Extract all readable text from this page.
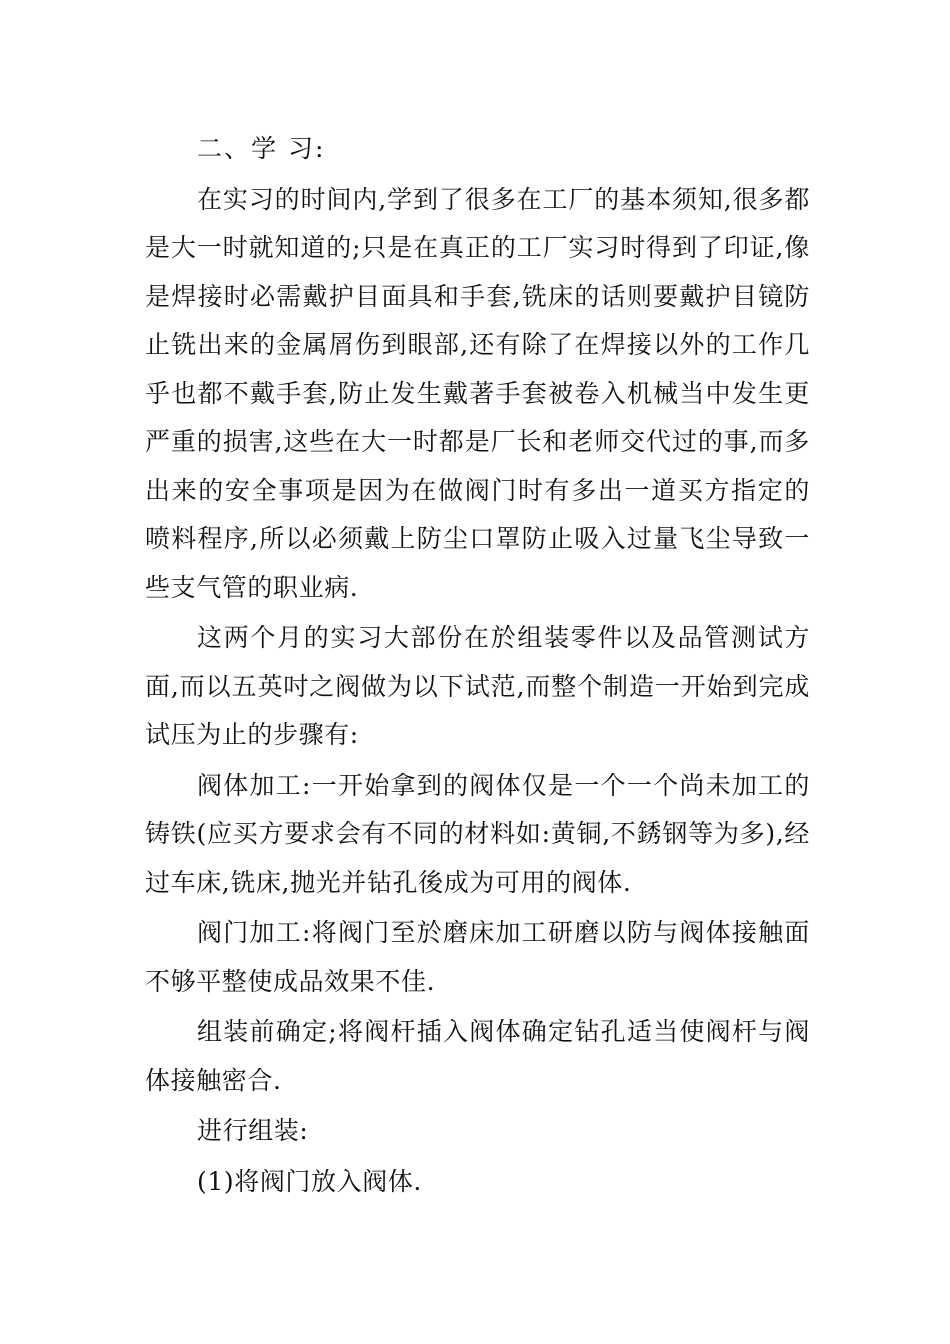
二、学 习:

在实习的时间内,学到了很多在工厂的基本须知,很多都是大一时就知道的;只是在真正的工厂实习时得到了印证,像是焊接时必需戴护目面具和手套,铣床的话则要戴护目镜防止铣出来的金属屑伤到眼部,还有除了在焊接以外的工作几乎也都不戴手套,防止发生戴著手套被卷入机械当中发生更严重的损害,这些在大一时都是厂长和老师交代过的事,而多出来的安全事项是因为在做阀门时有多出一道买方指定的喷料程序,所以必须戴上防尘口罩防止吸入过量飞尘导致一些支气管的职业病.

这两个月的实习大部份在於组装零件以及品管测试方面,而以五英吋之阀做为以下试范,而整个制造一开始到完成试压为止的步骤有:

阀体加工:一开始拿到的阀体仅是一个一个尚未加工的铸铁(应买方要求会有不同的材料如:黄铜,不銹钢等为多),经过车床,铣床,抛光并钻孔後成为可用的阀体.

阀门加工:将阀门至於磨床加工研磨以防与阀体接触面不够平整使成品效果不佳.

组装前确定;将阀杆插入阀体确定钻孔适当使阀杆与阀体接触密合.

进行组装:

(1)将阀门放入阀体.
